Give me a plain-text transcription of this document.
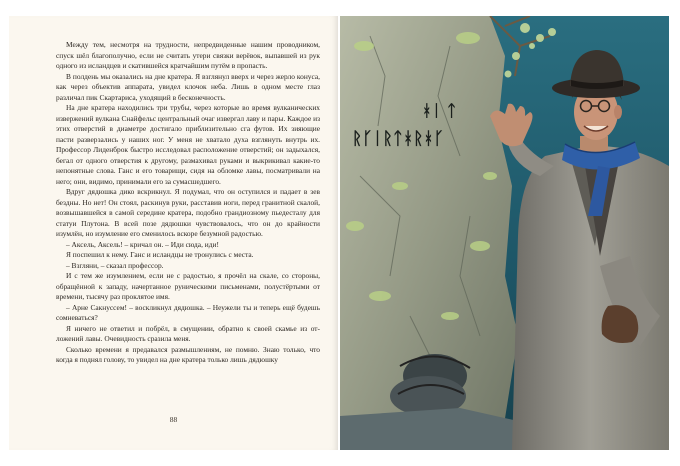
Между тем, несмотря на трудности, непредвиденные нашим проводником, спуск шёл благополучно, если не считать утери связки верёвок, выпавшей из рук одного из исландцев и скатившейся кратчайшим путём в пропасть.

В полдень мы оказались на дне кратера. Я взглянул вверх и через жерло конуса, как через объектив аппарата, увидел клочок неба. Лишь в одном месте глаз различал пик Скартариса, уходящий в бесконечность.

На дне кратера находились три трубы, через которые во время вулканических извержений вулкана Снайфельс центральный очаг извергал лаву и пары. Каждое из этих отверстий в диаметре достигало приблизительно сга футов. Их зияющие пасти разверзались у наших ног. У меня не хватало духа взглянуть внутрь их. Профессор Лиденброк быстро исследовал расположение отверстий; он задыхался, бегал от одного отверстия к другому, размахивал руками и выкрикивал какие-то непонятные слова. Ганс и его товарищи, сидя на обломке лавы, посматривали на него; они, видимо, принимали его за сумасшедшего.

Вдруг дядюшка дико вскрикнул. Я подумал, что он оступился и падает в зев бездны. Но нет! Он стоял, раскинув руки, расставив ноги, перед гранитной скалой, возвышавшейся в самой середине кратера, подобно грандиозному пьедесталу для статуи Плутона. В всей позе дядюшки чувствовалось, что он до крайности изумлён, но изумление его сменилось вскоре безумной радостью.

– Аксель, Аксель! – кричал он. – Иди сюда, иди!

Я поспешил к нему. Ганс и исландцы не тронулись с места.

– Взгляни, – сказал профессор.

И с тем же изумлением, если не с радостью, я прочёл на скале, со стороны, обращённой к западу, начертанное руническими письменами, полустёртыми от времени, тысячу раз проклятое имя.

– Арне Сакнуссем! – воскликнул дядюшка. – Неужели ты и теперь ещё будешь сомневаться?

Я ничего не ответил и побрёл, в смущении, обратно к своей скамье из отложений лавы. Очевидность сразила меня.

Сколько времени я предавался размышлениям, не помню. Знаю только, что когда я поднял голову, то увидел на дне кратера только лишь дядюшку

88
ᚼᛁ ᛏ
ᚱᚴᛁᚱᛏᚼᚱᚼᚴ
